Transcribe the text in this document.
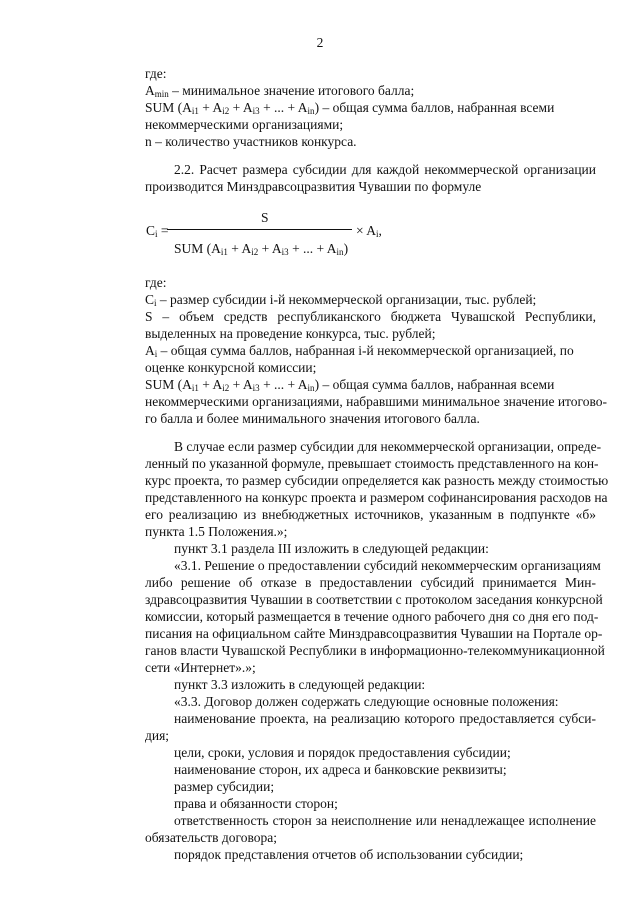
2
где:
$A_{min}$ – минимальное значение итогового балла;
SUM ($A_{i1} + A_{i2} + A_{i3}$ + ... + $A_{in}$) – общая сумма баллов, набранная всеми
некоммерческими организациями;
n – количество участников конкурса.
2.2. Расчет размера субсидии для каждой некоммерческой организации
производится Минздравсоцразвития Чувашии по формуле
S
$C_i$ =	× $A_i$,
SUM ($A_{i1} + A_{i2} + A_{i3}$ + ... + $A_{in}$)
где:
$C_i$ – размер субсидии i-й некоммерческой организации, тыс. рублей;
S – объем средств республиканского бюджета Чувашской Республики,
выделенных на проведение конкурса, тыс. рублей;
$A_i$ – общая сумма баллов, набранная i-й некоммерческой организацией, по
оценке конкурсной комиссии;
SUM ($A_{i1} + A_{i2} + A_{i3}$ + ... + $A_{in}$) – общая сумма баллов, набранная всеми
некоммерческими организациями, набравшими минимальное значение итогово-
го балла и более минимального значения итогового балла.
В случае если размер субсидии для некоммерческой организации, опреде-
ленный по указанной формуле, превышает стоимость представленного на кон-
курс проекта, то размер субсидии определяется как разность между стоимостью
представленного на конкурс проекта и размером софинансирования расходов на
его реализацию из внебюджетных источников, указанным в подпункте «б»
пункта 1.5 Положения.»;
пункт 3.1 раздела III изложить в следующей редакции:
«3.1. Решение о предоставлении субсидий некоммерческим организациям
либо решение об отказе в предоставлении субсидий принимается Мин-
здравсоцразвития Чувашии в соответствии с протоколом заседания конкурсной
комиссии, который размещается в течение одного рабочего дня со дня его под-
писания на официальном сайте Минздравсоцразвития Чувашии на Портале ор-
ганов власти Чувашской Республики в информационно-телекоммуникационной
сети «Интернет».»;
пункт 3.3 изложить в следующей редакции:
«3.3. Договор должен содержать следующие основные положения:
наименование проекта, на реализацию которого предоставляется субси-
дия;
цели, сроки, условия и порядок предоставления субсидии;
наименование сторон, их адреса и банковские реквизиты;
размер субсидии;
права и обязанности сторон;
ответственность сторон за неисполнение или ненадлежащее исполнение
обязательств договора;
порядок представления отчетов об использовании субсидии;
